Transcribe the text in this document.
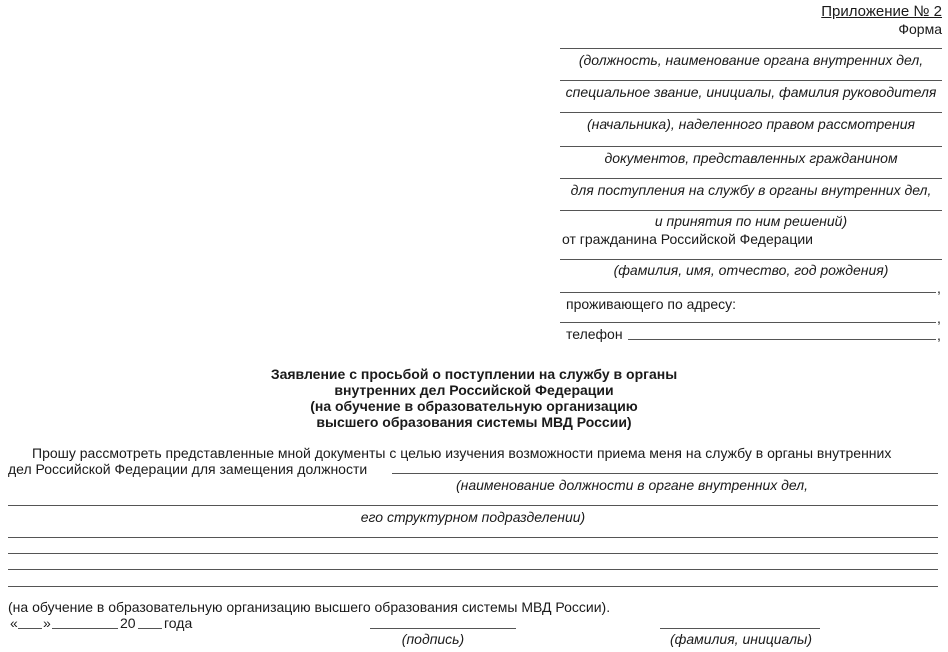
Приложение № 2
Форма
(должность, наименование органа внутренних дел,
специальное звание, инициалы, фамилия руководителя
(начальника), наделенного правом рассмотрения
документов, представленных гражданином
для поступления на службу в органы внутренних дел,
и принятия по ним решений)
от гражданина Российской Федерации
(фамилия, имя, отчество, год рождения)
,
проживающего по адресу:
,
телефон	,
Заявление с просьбой о поступлении на службу в органы
внутренних дел Российской Федерации
(на обучение в образовательную организацию
высшего образования системы МВД России)
Прошу рассмотреть представленные мной документы с целью изучения возможности приема меня на службу в органы внутренних
дел Российской Федерации для замещения должности
(наименование должности в органе внутренних дел,
его структурном подразделении)
(на обучение в образовательную организацию высшего образования системы МВД России).
« »	20 года
(подпись)	(фамилия, инициалы)
